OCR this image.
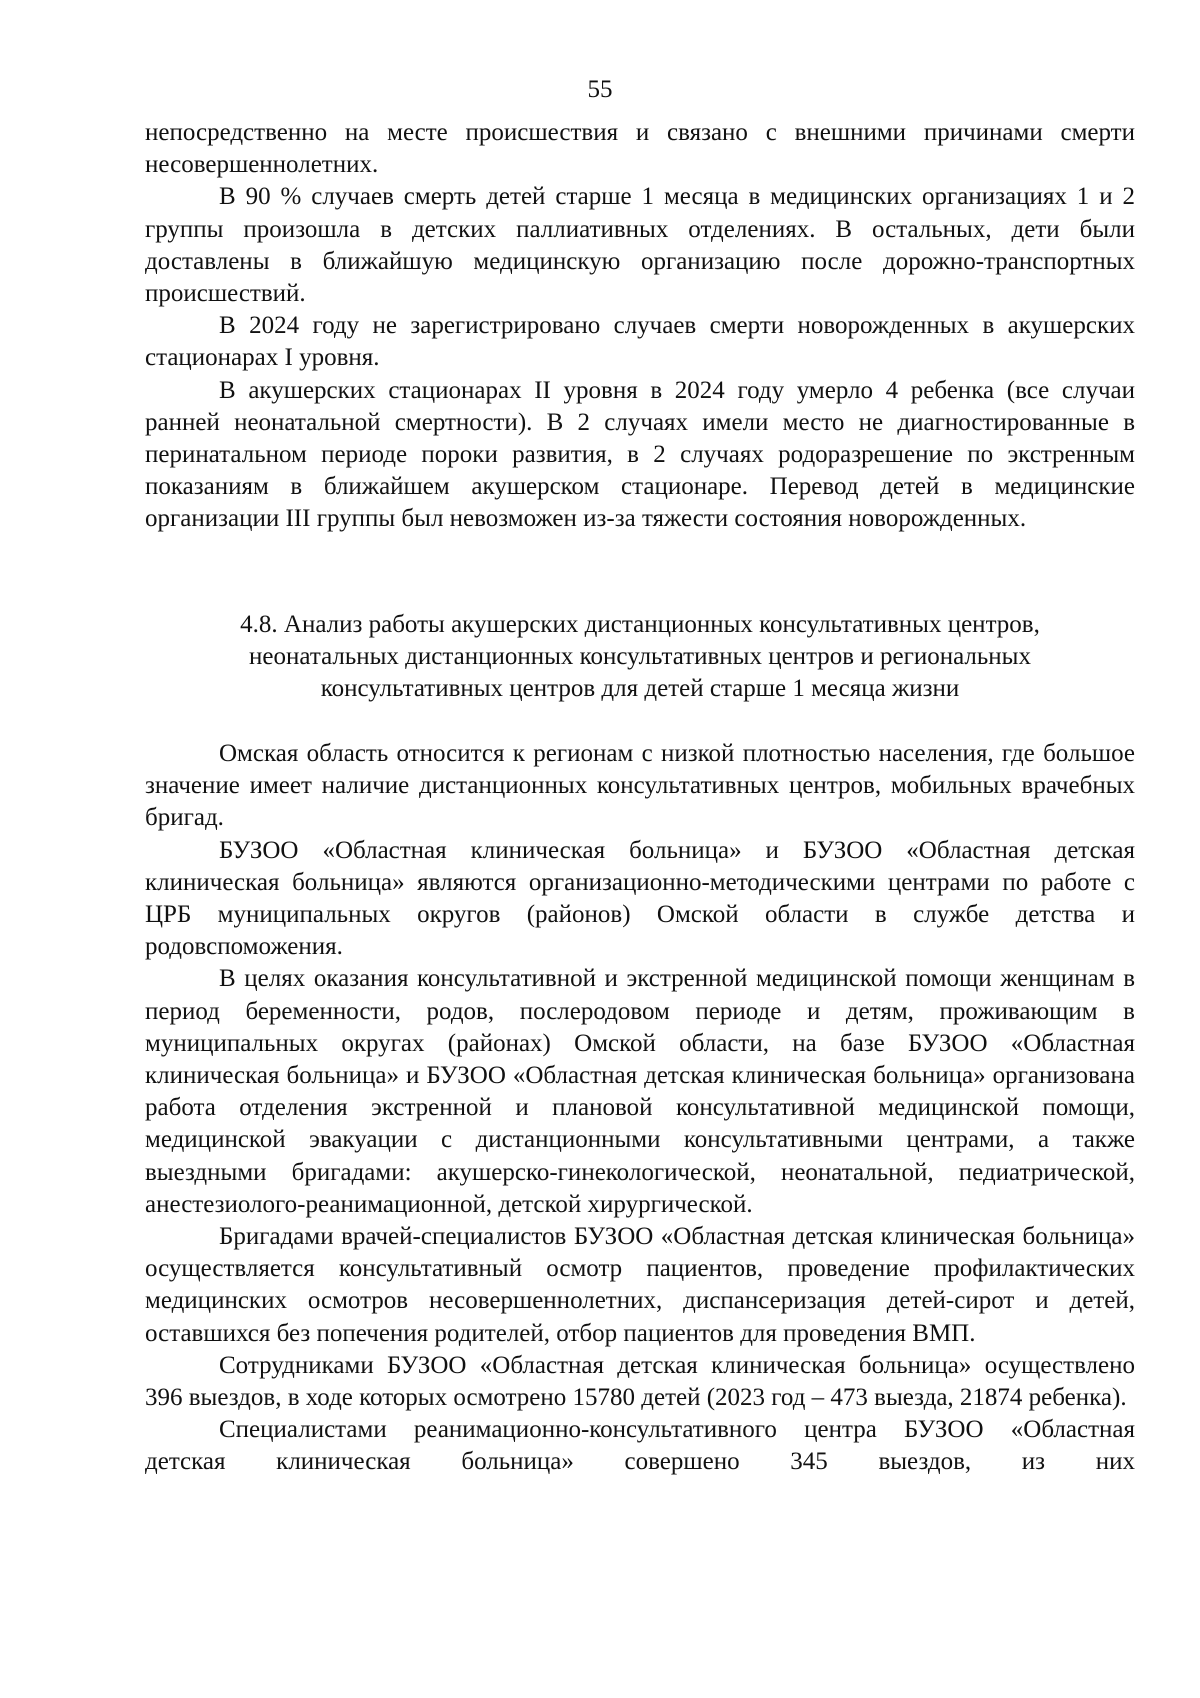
55

непосредственно на месте происшествия и связано с внешними причинами смерти несовершеннолетних.

В 90 % случаев смерть детей старше 1 месяца в медицинских организациях 1 и 2 группы произошла в детских паллиативных отделениях. В остальных, дети были доставлены в ближайшую медицинскую организацию после дорожно-транспортных происшествий.

В 2024 году не зарегистрировано случаев смерти новорожденных в акушерских стационарах I уровня.

В акушерских стационарах II уровня в 2024 году умерло 4 ребенка (все случаи ранней неонатальной смертности). В 2 случаях имели место не диагностированные в перинатальном периоде пороки развития, в 2 случаях родоразрешение по экстренным показаниям в ближайшем акушерском стационаре. Перевод детей в медицинские организации III группы был невозможен из-за тяжести состояния новорожденных.

4.8. Анализ работы акушерских дистанционных консультативных центров,
неонатальных дистанционных консультативных центров и региональных
консультативных центров для детей старше 1 месяца жизни

Омская область относится к регионам с низкой плотностью населения, где большое значение имеет наличие дистанционных консультативных центров, мобильных врачебных бригад.

БУЗОО «Областная клиническая больница» и БУЗОО «Областная детская клиническая больница» являются организационно-методическими центрами по работе с ЦРБ муниципальных округов (районов) Омской области в службе детства и родовспоможения.

В целях оказания консультативной и экстренной медицинской помощи женщинам в период беременности, родов, послеродовом периоде и детям, проживающим в муниципальных округах (районах) Омской области, на базе БУЗОО «Областная клиническая больница» и БУЗОО «Областная детская клиническая больница» организована работа отделения экстренной и плановой консультативной медицинской помощи, медицинской эвакуации с дистанционными консультативными центрами, а также выездными бригадами: акушерско-гинекологической, неонатальной, педиатрической, анестезиолого-реанимационной, детской хирургической.

Бригадами врачей-специалистов БУЗОО «Областная детская клиническая больница» осуществляется консультативный осмотр пациентов, проведение профилактических медицинских осмотров несовершеннолетних, диспансеризация детей-сирот и детей, оставшихся без попечения родителей, отбор пациентов для проведения ВМП.

Сотрудниками БУЗОО «Областная детская клиническая больница» осуществлено 396 выездов, в ходе которых осмотрено 15780 детей (2023 год – 473 выезда, 21874 ребенка).

Специалистами реанимационно-консультативного центра БУЗОО «Областная детская клиническая больница» совершено 345 выездов, из них
